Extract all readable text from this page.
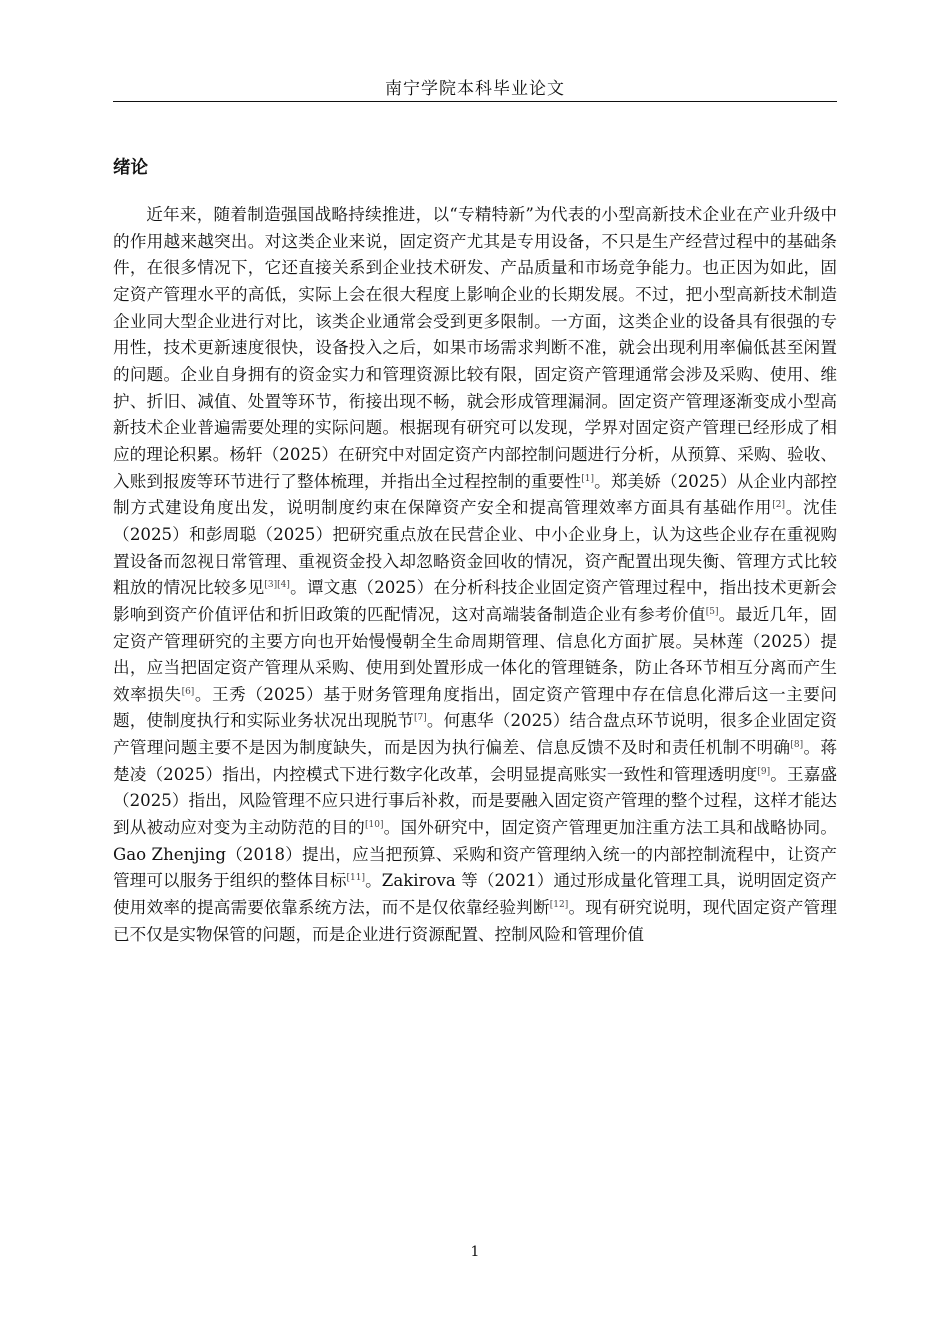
南宁学院本科毕业论文
绪论

近年来，随着制造强国战略持续推进，以“专精特新”为代表的小型高新技术企业在产业升级中的作用越来越突出。对这类企业来说，固定资产尤其是专用设备，不只是生产经营过程中的基础条件，在很多情况下，它还直接关系到企业技术研发、产品质量和市场竞争能力。也正因为如此，固定资产管理水平的高低，实际上会在很大程度上影响企业的长期发展。不过，把小型高新技术制造企业同大型企业进行对比，该类企业通常会受到更多限制。一方面，这类企业的设备具有很强的专用性，技术更新速度很快，设备投入之后，如果市场需求判断不准，就会出现利用率偏低甚至闲置的问题。企业自身拥有的资金实力和管理资源比较有限，固定资产管理通常会涉及采购、使用、维护、折旧、减值、处置等环节，衔接出现不畅，就会形成管理漏洞。固定资产管理逐渐变成小型高新技术企业普遍需要处理的实际问题。根据现有研究可以发现，学界对固定资产管理已经形成了相应的理论积累。杨轩（2025）在研究中对固定资产内部控制问题进行分析，从预算、采购、验收、入账到报废等环节进行了整体梳理，并指出全过程控制的重要性[1]。郑美娇（2025）从企业内部控制方式建设角度出发，说明制度约束在保障资产安全和提高管理效率方面具有基础作用[2]。沈佳（2025）和彭周聪（2025）把研究重点放在民营企业、中小企业身上，认为这些企业存在重视购置设备而忽视日常管理、重视资金投入却忽略资金回收的情况，资产配置出现失衡、管理方式比较粗放的情况比较多见[3][4]。谭文惠（2025）在分析科技企业固定资产管理过程中，指出技术更新会影响到资产价值评估和折旧政策的匹配情况，这对高端装备制造企业有参考价值[5]。最近几年，固定资产管理研究的主要方向也开始慢慢朝全生命周期管理、信息化方面扩展。吴林莲（2025）提出，应当把固定资产管理从采购、使用到处置形成一体化的管理链条，防止各环节相互分离而产生效率损失[6]。王秀（2025）基于财务管理角度指出，固定资产管理中存在信息化滞后这一主要问题，使制度执行和实际业务状况出现脱节[7]。何惠华（2025）结合盘点环节说明，很多企业固定资产管理问题主要不是因为制度缺失，而是因为执行偏差、信息反馈不及时和责任机制不明确[8]。蒋楚凌（2025）指出，内控模式下进行数字化改革，会明显提高账实一致性和管理透明度[9]。王嘉盛（2025）指出，风险管理不应只进行事后补救，而是要融入固定资产管理的整个过程，这样才能达到从被动应对变为主动防范的目的[10]。国外研究中，固定资产管理更加注重方法工具和战略协同。Gao Zhenjing（2018）提出，应当把预算、采购和资产管理纳入统一的内部控制流程中，让资产管理可以服务于组织的整体目标[11]。Zakirova 等（2021）通过形成量化管理工具，说明固定资产使用效率的提高需要依靠系统方法，而不是仅依靠经验判断[12]。现有研究说明，现代固定资产管理已不仅是实物保管的问题，而是企业进行资源配置、控制风险和管理价值

1
